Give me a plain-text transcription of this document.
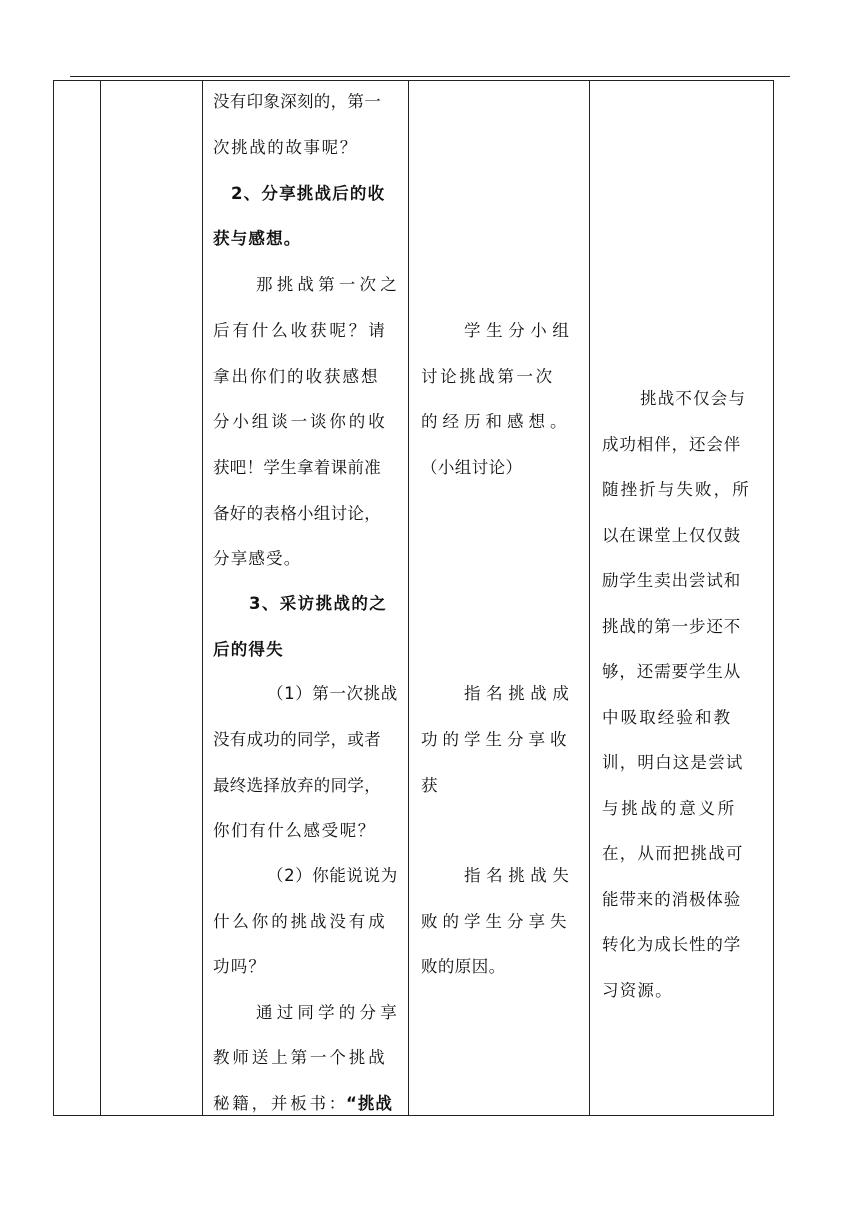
没有印象深刻的，第一
次挑战的故事呢？
2、分享挑战后的收
获与感想。
那挑战第一次之
后有什么收获呢？请
拿出你们的收获感想
分小组谈一谈你的收
获吧！学生拿着课前准
备好的表格小组讨论，
分享感受。
3、采访挑战的之
后的得失
（1）第一次挑战
没有成功的同学，或者
最终选择放弃的同学，
你们有什么感受呢？
（2）你能说说为
什么你的挑战没有成
功吗？
通过同学的分享
教师送上第一个挑战
秘籍，并板书：
“挑战

学生分小组
讨论挑战第一次
的经历和感想。
（小组讨论）
指名挑战成
功的学生分享收
获
指名挑战失
败的学生分享失
败的原因。

挑战不仅会与
成功相伴，还会伴
随挫折与失败，所
以在课堂上仅仅鼓
励学生卖出尝试和
挑战的第一步还不
够，还需要学生从
中吸取经验和教
训，明白这是尝试
与挑战的意义所
在，从而把挑战可
能带来的消极体验
转化为成长性的学
习资源。
